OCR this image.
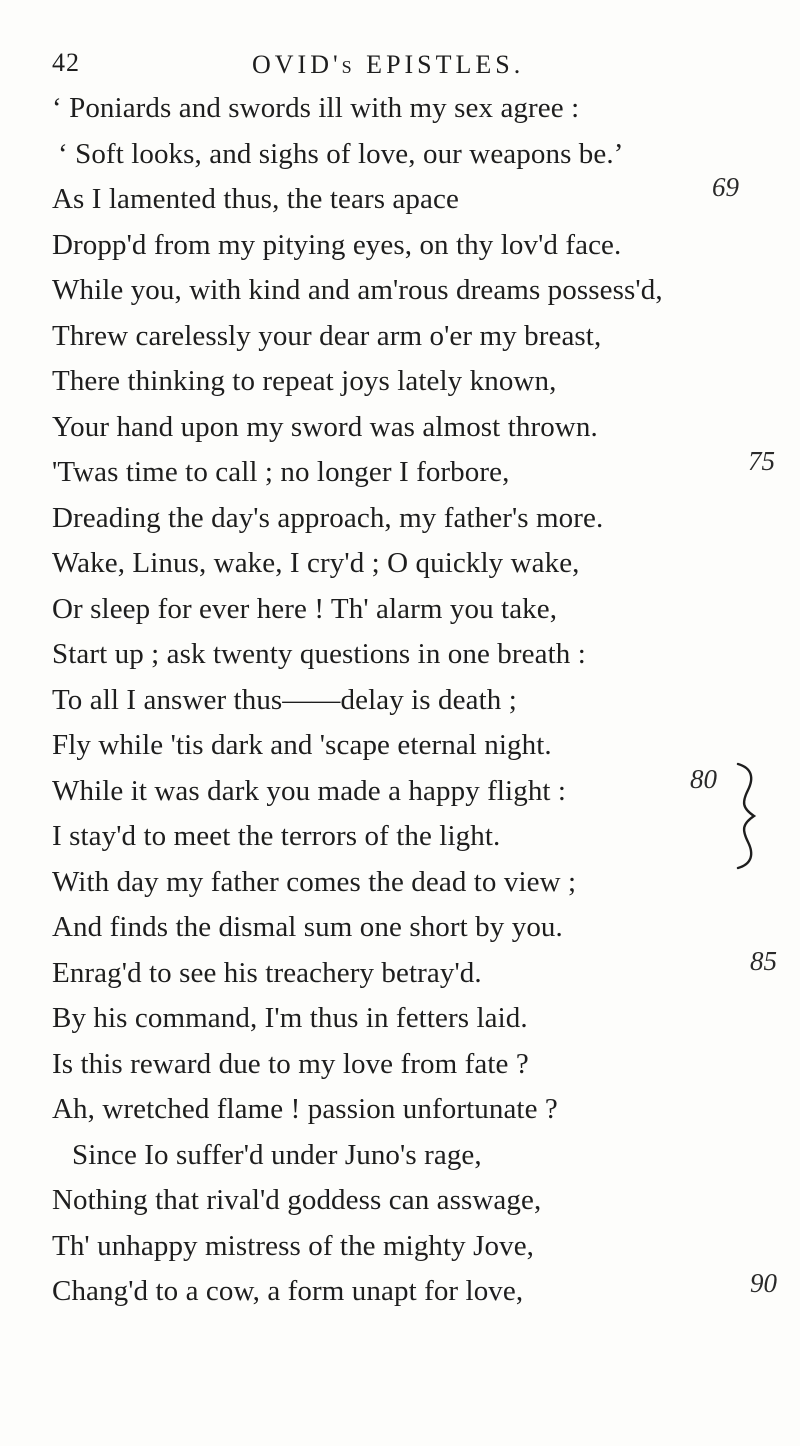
42	OVID's EPISTLES.
‘ Poniards and swords ill with my sex agree :
‘ Soft looks, and sighs of love, our weapons be.’
As I lamented thus, the tears apace
Dropp'd from my pitying eyes, on thy lov'd face.
While you, with kind and am'rous dreams possess'd,
Threw carelessly your dear arm o'er my breast,
There thinking to repeat joys lately known,
Your hand upon my sword was almost thrown.
'Twas time to call ; no longer I forbore,
Dreading the day's approach, my father's more.
Wake, Linus, wake, I cry'd ; O quickly wake,
Or sleep for ever here ! Th' alarm you take,
Start up ; ask twenty questions in one breath :
To all I answer thus——delay is death ;
Fly while 'tis dark and 'scape eternal night.
While it was dark you made a happy flight :
I stay'd to meet the terrors of the light.
With day my father comes the dead to view ;
And finds the dismal sum one short by you.
Enrag'd to see his treachery betray'd.
By his command, I'm thus in fetters laid.
Is this reward due to my love from fate ?
Ah, wretched flame ! passion unfortunate ?
Since Io suffer'd under Juno's rage,
Nothing that rival'd goddess can asswage,
Th' unhappy mistress of the mighty Jove,
Chang'd to a cow, a form unapt for love,
69
75
80
85
90
